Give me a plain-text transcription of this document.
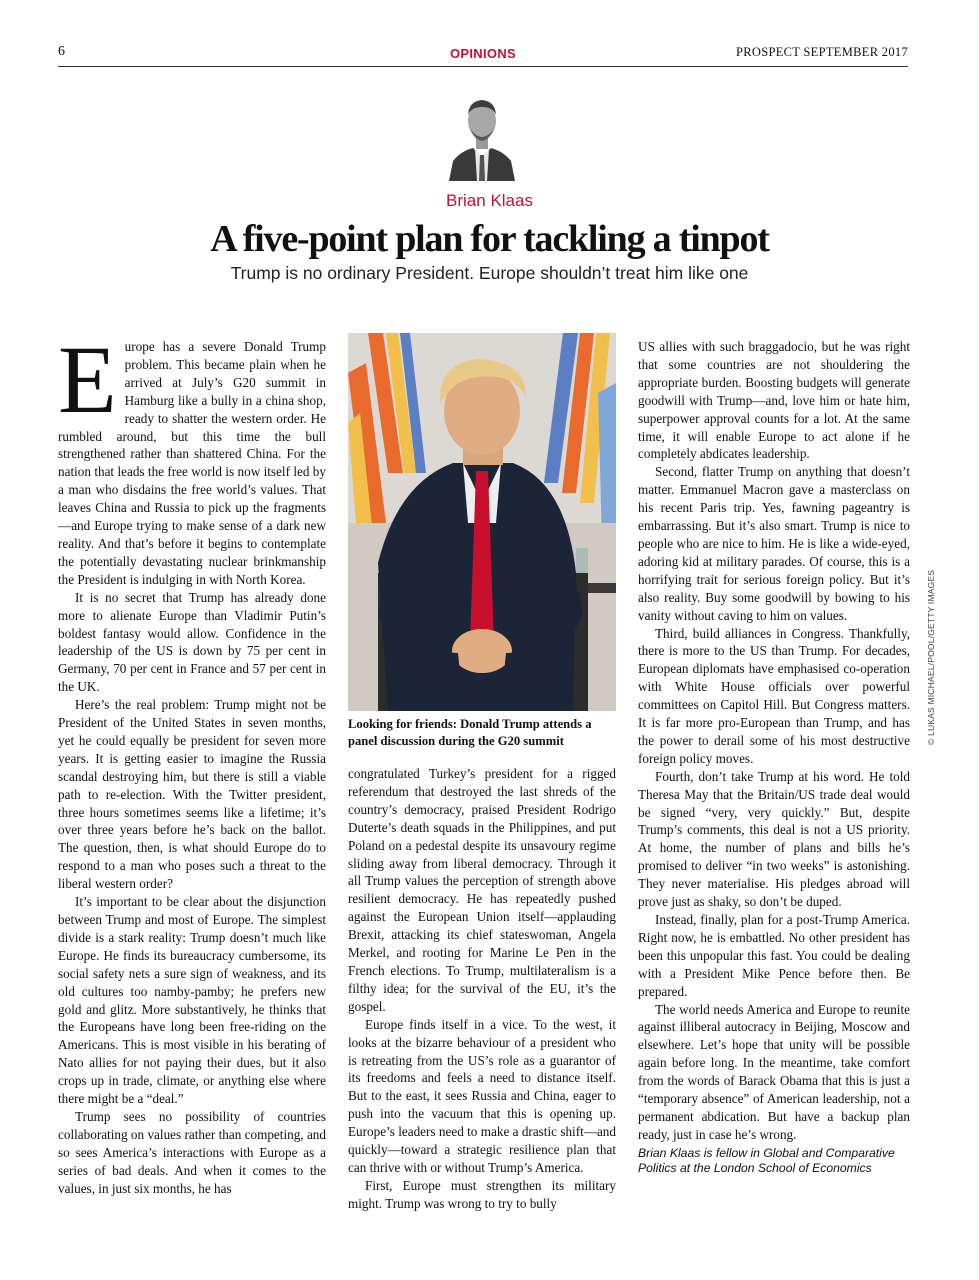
6	OPINIONS	PROSPECT SEPTEMBER 2017
Brian Klaas
A five-point plan for tackling a tinpot
Trump is no ordinary President. Europe shouldn’t treat him like one

Europe has a severe Donald Trump problem. This became plain when he arrived at July’s G20 summit in Hamburg like a bully in a china shop, ready to shatter the western order. He rumbled around, but this time the bull strengthened rather than shattered China. For the nation that leads the free world is now itself led by a man who disdains the free world’s values. That leaves China and Russia to pick up the fragments—and Europe trying to make sense of a dark new reality. And that’s before it begins to contemplate the potentially devastating nuclear brinkmanship the President is indulging in with North Korea.

It is no secret that Trump has already done more to alienate Europe than Vladimir Putin’s boldest fantasy would allow. Confidence in the leadership of the US is down by 75 per cent in Germany, 70 per cent in France and 57 per cent in the UK.

Here’s the real problem: Trump might not be President of the United States in seven months, yet he could equally be president for seven more years. It is getting easier to imagine the Russia scandal destroying him, but there is still a viable path to re-election. With the Twitter president, three hours sometimes seems like a lifetime; it’s over three years before he’s back on the ballot. The question, then, is what should Europe do to respond to a man who poses such a threat to the liberal western order?

It’s important to be clear about the disjunction between Trump and most of Europe. The simplest divide is a stark reality: Trump doesn’t much like Europe. He finds its bureaucracy cumbersome, its social safety nets a sure sign of weakness, and its old cultures too namby-pamby; he prefers new gold and glitz. More substantively, he thinks that the Europeans have long been free-riding on the Americans. This is most visible in his berating of Nato allies for not paying their dues, but it also crops up in trade, climate, or anything else where there might be a “deal.”

Trump sees no possibility of countries collaborating on values rather than competing, and so sees America’s interactions with Europe as a series of bad deals. And when it comes to the values, in just six months, he has

Looking for friends: Donald Trump attends a panel discussion during the G20 summit

congratulated Turkey’s president for a rigged referendum that destroyed the last shreds of the country’s democracy, praised President Rodrigo Duterte’s death squads in the Philippines, and put Poland on a pedestal despite its unsavoury regime sliding away from liberal democracy. Through it all Trump values the perception of strength above resilient democracy. He has repeatedly pushed against the European Union itself—applauding Brexit, attacking its chief stateswoman, Angela Merkel, and rooting for Marine Le Pen in the French elections. To Trump, multilateralism is a filthy idea; for the survival of the EU, it’s the gospel.

Europe finds itself in a vice. To the west, it looks at the bizarre behaviour of a president who is retreating from the US’s role as a guarantor of its freedoms and feels a need to distance itself. But to the east, it sees Russia and China, eager to push into the vacuum that this is opening up. Europe’s leaders need to make a drastic shift—and quickly—toward a strategic resilience plan that can thrive with or without Trump’s America.

First, Europe must strengthen its military might. Trump was wrong to try to bully

US allies with such braggadocio, but he was right that some countries are not shouldering the appropriate burden. Boosting budgets will generate goodwill with Trump—and, love him or hate him, superpower approval counts for a lot. At the same time, it will enable Europe to act alone if he completely abdicates leadership.

Second, flatter Trump on anything that doesn’t matter. Emmanuel Macron gave a masterclass on his recent Paris trip. Yes, fawning pageantry is embarrassing. But it’s also smart. Trump is nice to people who are nice to him. He is like a wide-eyed, adoring kid at military parades. Of course, this is a horrifying trait for serious foreign policy. But it’s also reality. Buy some goodwill by bowing to his vanity without caving to him on values.

Third, build alliances in Congress. Thankfully, there is more to the US than Trump. For decades, European diplomats have emphasised co-operation with White House officials over powerful committees on Capitol Hill. But Congress matters. It is far more pro-European than Trump, and has the power to derail some of his most destructive foreign policy moves.

Fourth, don’t take Trump at his word. He told Theresa May that the Britain/US trade deal would be signed “very, very quickly.” But, despite Trump’s comments, this deal is not a US priority. At home, the number of plans and bills he’s promised to deliver “in two weeks” is astonishing. They never materialise. His pledges abroad will prove just as shaky, so don’t be duped.

Instead, finally, plan for a post-Trump America. Right now, he is embattled. No other president has been this unpopular this fast. You could be dealing with a President Mike Pence before then. Be prepared.

The world needs America and Europe to reunite against illiberal autocracy in Beijing, Moscow and elsewhere. Let’s hope that unity will be possible again before long. In the meantime, take comfort from the words of Barack Obama that this is just a “temporary absence” of American leadership, not a permanent abdication. But have a backup plan ready, just in case he’s wrong.

Brian Klaas is fellow in Global and Comparative Politics at the London School of Economics

© LUKAS MICHAEL/POOL/GETTY IMAGES
